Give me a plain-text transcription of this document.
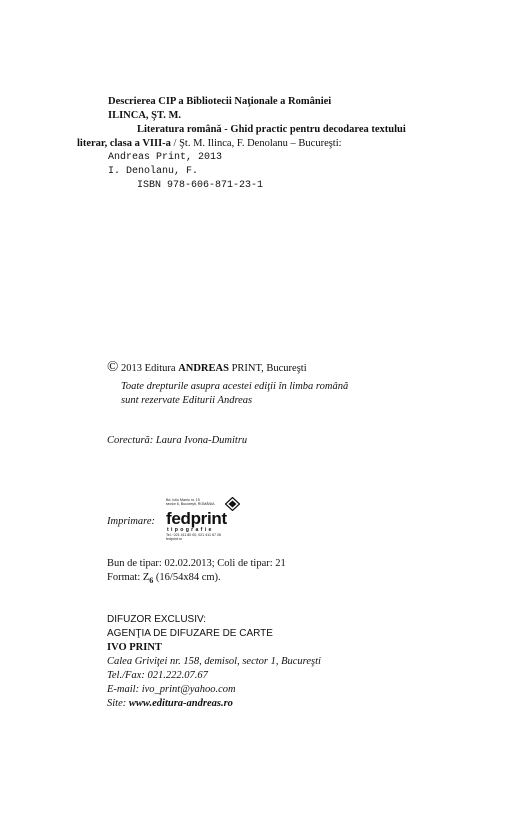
Descrierea CIP a Bibliotecii Naţionale a României
ILINCA, ŞT. M.
Literatura română - Ghid practic pentru decodarea textului
literar, clasa a VIII-a / Şt. M. Ilinca, F. Denolanu – Bucureşti:
Andreas Print, 2013
I. Denolanu, F.
ISBN 978-606-871-23-1
© 2013 Editura ANDREAS PRINT, Bucureşti
Toate drepturile asupra acestei ediţii în limba română
sunt rezervate Editurii Andreas
Corectură: Laura Ivona-Dumitru
Imprimare:
Bd. Iuliu Maniu nr. 15
sector 6, Bucureşti, ROMÂNIA
fedprint
tipografie
Tel.: 021 411 80 00, 021 411 67 26
fedprint.ro
Bun de tipar: 02.02.2013; Coli de tipar: 21
Format: $Z_6$ (16/54x84 cm).
DIFUZOR EXCLUSIV:
AGENŢIA DE DIFUZARE DE CARTE
IVO PRINT
Calea Griviţei nr. 158, demisol, sector 1, Bucureşti
Tel./Fax: 021.222.07.67
E-mail: ivo_print@yahoo.com
Site: www.editura-andreas.ro
